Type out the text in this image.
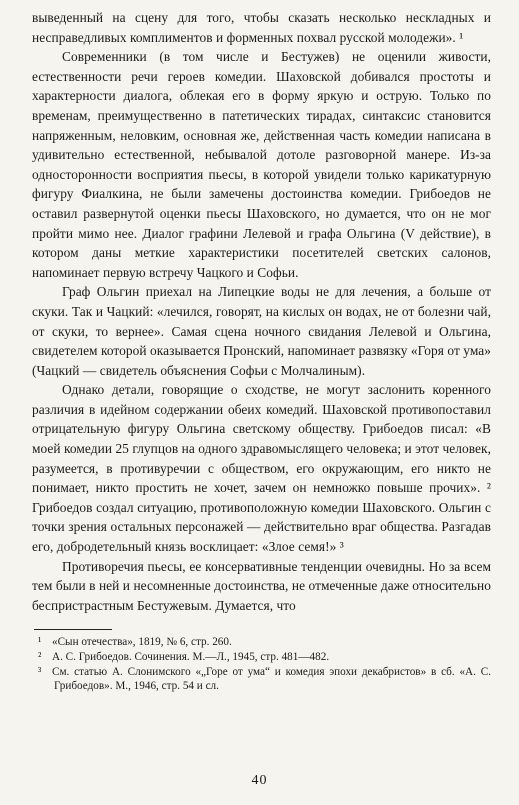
выведенный на сцену для того, чтобы сказать несколько нескладных и несправедливых комплиментов и форменных похвал русской молодежи». ¹

Современники (в том числе и Бестужев) не оценили живости, естественности речи героев комедии. Шаховской добивался простоты и характерности диалога, облекая его в форму яркую и острую. Только по временам, преимущественно в патетических тирадах, синтаксис становится напряженным, неловким, основная же, действенная часть комедии написана в удивительно естественной, небывалой дотоле разговорной манере. Из-за односторонности восприятия пьесы, в которой увидели только карикатурную фигуру Фиалкина, не были замечены достоинства комедии. Грибоедов не оставил развернутой оценки пьесы Шаховского, но думается, что он не мог пройти мимо нее. Диалог графини Лелевой и графа Ольгина (V действие), в котором даны меткие характеристики посетителей светских салонов, напоминает первую встречу Чацкого и Софьи.

Граф Ольгин приехал на Липецкие воды не для лечения, а больше от скуки. Так и Чацкий: «лечился, говорят, на кислых он водах, не от болезни чай, от скуки, то вернее». Самая сцена ночного свидания Лелевой и Ольгина, свидетелем которой оказывается Пронский, напоминает развязку «Горя от ума» (Чацкий — свидетель объяснения Софьи с Молчалиным).

Однако детали, говорящие о сходстве, не могут заслонить коренного различия в идейном содержании обеих комедий. Шаховской противопоставил отрицательную фигуру Ольгина светскому обществу. Грибоедов писал: «В моей комедии 25 глупцов на одного здравомыслящего человека; и этот человек, разумеется, в противуречии с обществом, его окружающим, его никто не понимает, никто простить не хочет, зачем он немножко повыше прочих». ² Грибоедов создал ситуацию, противоположную комедии Шаховского. Ольгин с точки зрения остальных персонажей — действительно враг общества. Разгадав его, добродетельный князь восклицает: «Злое семя!» ³

Противоречия пьесы, ее консервативные тенденции очевидны. Но за всем тем были в ней и несомненные достоинства, не отмеченные даже относительно беспристрастным Бестужевым. Думается, что

¹ «Сын отечества», 1819, № 6, стр. 260.

² А. С. Грибоедов. Сочинения. М.—Л., 1945, стр. 481—482.

³ См. статью А. Слонимского «„Горе от ума“ и комедия эпохи декабристов» в сб. «А. С. Грибоедов». М., 1946, стр. 54 и сл.

40
